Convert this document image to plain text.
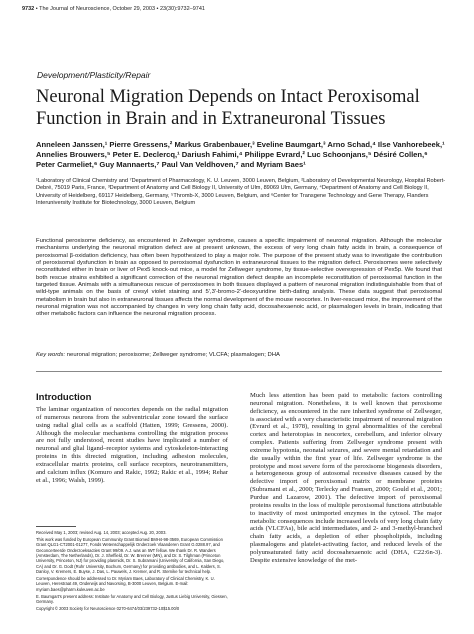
9732 • The Journal of Neuroscience, October 29, 2003 • 23(30):9732–9741
Development/Plasticity/Repair
Neuronal Migration Depends on Intact Peroxisomal Function in Brain and in Extraneuronal Tissues
Anneleen Janssen,¹ Pierre Gressens,² Markus Grabenbauer,³ Eveline Baumgart,³ Arno Schad,⁴ Ilse Vanhorebeek,¹ Annelies Brouwers,⁵ Peter E. Declercq,¹ Dariush Fahimi,⁴ Philippe Evrard,² Luc Schoonjans,⁵ Désiré Collen,⁶ Peter Carmeliet,⁶ Guy Mannaerts,⁷ Paul Van Veldhoven,⁷ and Myriam Baes¹
¹Laboratory of Clinical Chemistry and ⁷Department of Pharmacology, K. U. Leuven, 3000 Leuven, Belgium, ²Laboratory of Developmental Neurology, Hospital Robert-Debré, 75019 Paris, France, ³Department of Anatomy and Cell Biology II, University of Ulm, 89069 Ulm, Germany, ⁴Department of Anatomy and Cell Biology II, University of Heidelberg, 69117 Heidelberg, Germany, ⁵Thromb-X, 3000 Leuven, Belgium, and ⁶Center for Transgene Technology and Gene Therapy, Flanders Interuniversity Institute for Biotechnology, 3000 Leuven, Belgium
Functional peroxisome deficiency, as encountered in Zellweger syndrome, causes a specific impairment of neuronal migration. Although the molecular mechanisms underlying the neuronal migration defect are at present unknown, the excess of very long chain fatty acids in brain, a consequence of peroxisomal β-oxidation deficiency, has often been hypothesized to play a major role. The purpose of the present study was to investigate the contribution of peroxisomal dysfunction in brain as opposed to peroxisomal dysfunction in extraneuronal tissues to the migration defect. Peroxisomes were selectively reconstituted either in brain or liver of Pex5 knock-out mice, a model for Zellweger syndrome, by tissue-selective overexpression of Pex5p. We found that both rescue strains exhibited a significant correction of the neuronal migration defect despite an incomplete reconstitution of peroxisomal function in the targeted tissue. Animals with a simultaneous rescue of peroxisomes in both tissues displayed a pattern of neuronal migration indistinguishable from that of wild-type animals on the basis of cresyl violet staining and 5′,3′-bromo-2′-deoxyuridine birth-dating analysis. These data suggest that peroxisomal metabolism in brain but also in extraneuronal tissues affects the normal development of the mouse neocortex. In liver-rescued mice, the improvement of the neuronal migration was not accompanied by changes in very long chain fatty acid, docosahexaenoic acid, or plasmalogen levels in brain, indicating that other metabolic factors can influence the neuronal migration process.
Key words: neuronal migration; peroxisome; Zellweger syndrome; VLCFA; plasmalogen; DHA
Introduction
The laminar organization of neocortex depends on the radial migration of numerous neurons from the subventricular zone toward the surface using radial glial cells as a scaffold (Hatten, 1999; Gressens, 2000). Although the molecular mechanisms controlling the migration process are not fully understood, recent studies have implicated a number of neuronal and glial ligand–receptor systems and cytoskeleton-interacting proteins in this directed migration, including adhesion molecules, extracellular matrix proteins, cell surface receptors, neurotransmitters, and calcium influx (Komuro and Rakic, 1992; Rakic et al., 1994; Rehar et al., 1996; Walsh, 1999).
Much less attention has been paid to metabolic factors controlling neuronal migration. Nonetheless, it is well known that peroxisome deficiency, as encountered in the rare inherited syndrome of Zellweger, is associated with a very characteristic impairment of neuronal migration (Evrard et al., 1978), resulting in gyral abnormalities of the cerebral cortex and heterotopias in neocortex, cerebellum, and inferior olivary complex. Patients suffering from Zellweger syndrome present with extreme hypotonia, neonatal seizures, and severe mental retardation and die usually within the first year of life. Zellweger syndrome is the prototype and most severe form of the peroxisome biogenesis disorders, a heterogeneous group of autosomal recessive diseases caused by the defective import of peroxisomal matrix or membrane proteins (Subramani et al., 2000; Terlecky and Fransen, 2000; Gould et al., 2001; Purdue and Lazarow, 2001). The defective import of peroxisomal proteins results in the loss of multiple peroxisomal functions attributable to inactivity of most unimported enzymes in the cytosol. The major metabolic consequences include increased levels of very long chain fatty acids (VLCFAs), bile acid intermediates, and 2- and 3-methyl-branched chain fatty acids, a depletion of ether phospholipids, including plasmalogens and platelet-activating factor, and reduced levels of the polyunsaturated fatty acid docosahexaenoic acid (DHA, C22:6n-3). Despite extensive knowledge of the met-

Received May 1, 2003; revised Aug. 14, 2003; accepted Aug. 20, 2003.

This work was funded by European Community Grant Biomed BMH4-98-3569, European Commission Grant QLG1-CT2001-01277, Fonds Wetenschappelijk Onderzoek Vlaanderen Grant G.0288.97, and Geconcerteerde Onderzoeksacties Grant 99/09. A.J. was an IWT fellow. We thank Dr. R. Wanders (Amsterdam, The Netherlands), Dr. J. Sheffield, Dr. W. Brenner (MN), and Dr. S. Tilghman (Princeton University, Princeton, NJ) for providing plasmids, Dr. S. Subramani (University of California, San Diego, CA) and Dr. G. Dodt (Ruhr University, Bochum, Germany) for providing antibodies, and L. Kalders, S. Danloy, V. Kremers, E. Buyse, J. Das, L. Pauwels, J. Kremer, and R. Sternike for technical help.

Correspondence should be addressed to Dr. Myriam Baes, Laboratory of Clinical Chemistry, K. U. Leuven, Herestraat 49, Onderwijs and Navorsing, B-3000 Leuven, Belgium. E-mail: myriam.baes@pharm.kuleuven.ac.be

E. Baumgart's present address: Institute for Anatomy and Cell Biology, Justus Liebig University, Giessen, Germany.

Copyright © 2003 Society for Neuroscience 0270-6474/03/239732-10$15.00/0
